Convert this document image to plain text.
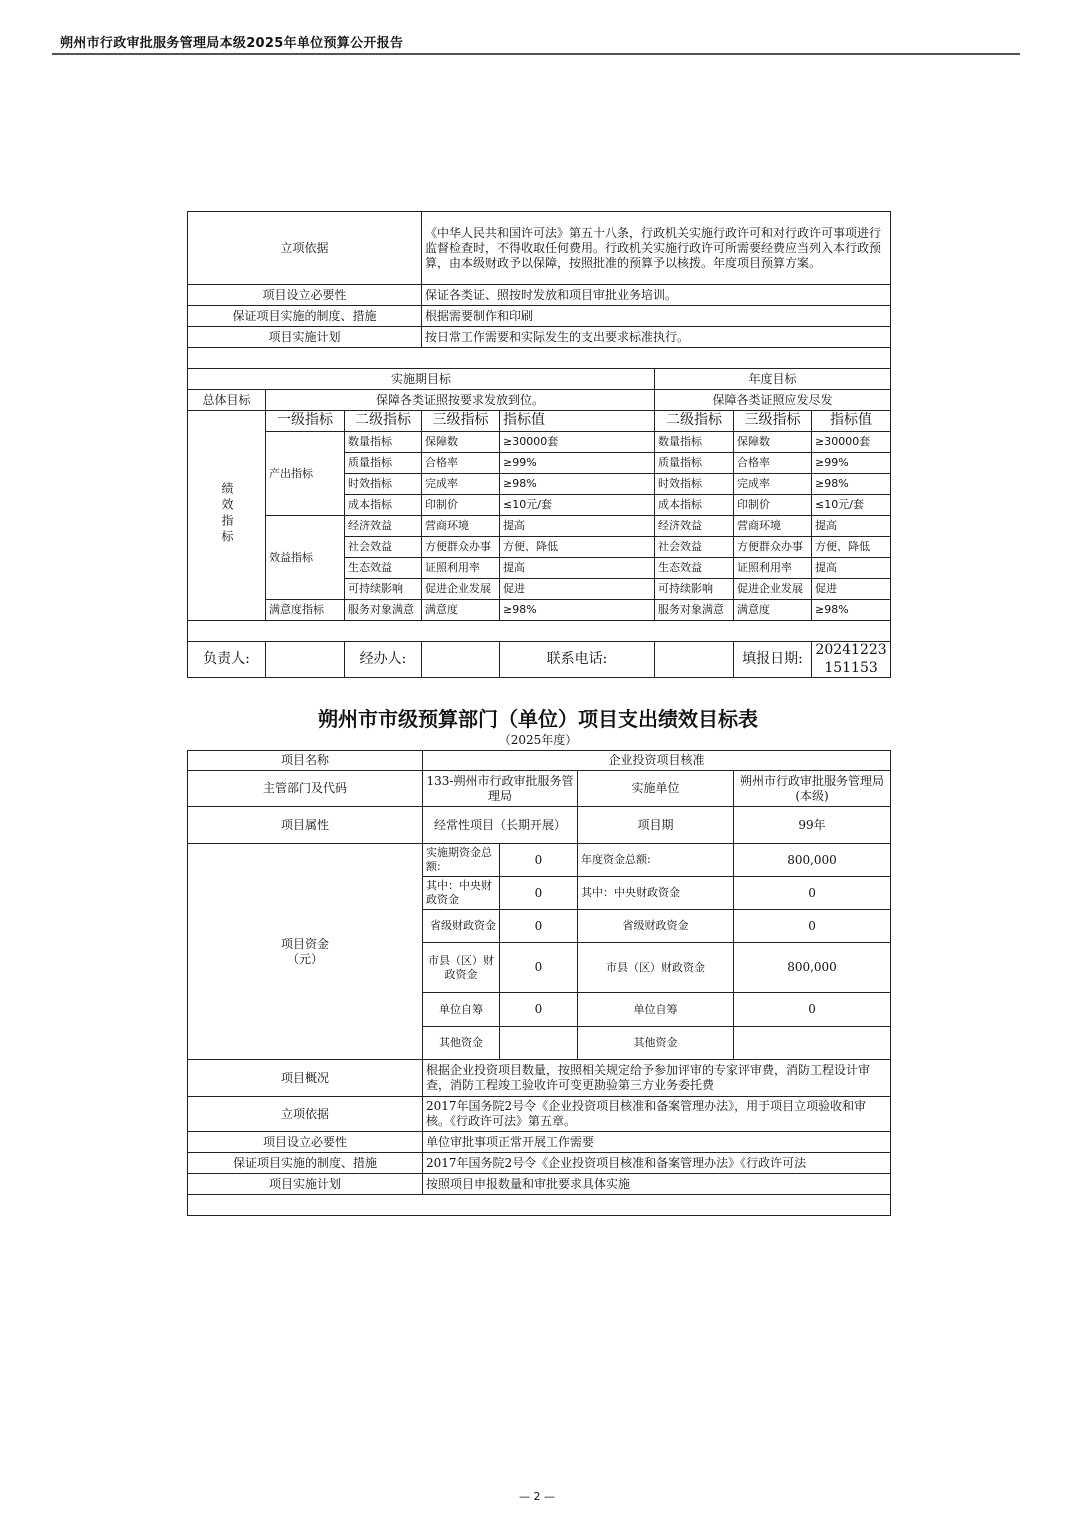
朔州市行政审批服务管理局本级2025年单位预算公开报告
立项依据			《中华人民共和国许可法》第五十八条，行政机关实施行政许可和对行政许可事项进行监督检查时，不得收取任何费用。行政机关实施行政许可所需要经费应当列入本行政预算，由本级财政予以保障，按照批准的预算予以核拨。年度项目预算方案。				
项目设立必要性			保证各类证、照按时发放和项目审批业务培训。				
保证项目实施的制度、措施			根据需要制作和印刷				
项目实施计划			按日常工作需要和实际发生的支出要求标准执行。				

实施期目标					年度目标		
总体目标	保障各类证照按要求发放到位。				保障各类证照应发尽发		
绩效指标	一级指标	二级指标	三级指标	指标值	二级指标	三级指标	指标值
	产出指标	数量指标	保障数	≥30000套	数量指标	保障数	≥30000套
		质量指标	合格率	≥99%	质量指标	合格率	≥99%
		时效指标	完成率	≥98%	时效指标	完成率	≥98%
		成本指标	印制价	≤10元/套	成本指标	印制价	≤10元/套
	效益指标	经济效益	营商环境	提高	经济效益	营商环境	提高
		社会效益	方便群众办事	方便、降低	社会效益	方便群众办事	方便、降低
		生态效益	证照利用率	提高	生态效益	证照利用率	提高
		可持续影响	促进企业发展	促进	可持续影响	促进企业发展	促进
	满意度指标	服务对象满意	满意度	≥98%	服务对象满意	满意度	≥98%

负责人:		经办人:		联系电话:		填报日期:	20241223151153
朔州市市级预算部门（单位）项目支出绩效目标表
（2025年度）
项目名称	企业投资项目核准			
主管部门及代码	133-朔州市行政审批服务管理局		实施单位	朔州市行政审批服务管理局(本级)
项目属性	经常性项目（长期开展）		项目期	99年

项目资金
（元）	实施期资金总额:	0	年度资金总额:	800,000
	其中：中央财政资金	0	其中：中央财政资金	0
	省级财政资金	0	省级财政资金	0
	市县（区）财政资金	0	市县（区）财政资金	800,000
	单位自筹	0	单位自筹	0
	其他资金		其他资金	
项目概况	根据企业投资项目数量，按照相关规定给予参加评审的专家评审费，消防工程设计审查，消防工程竣工验收许可变更勘验第三方业务委托费			
立项依据	2017年国务院2号令《企业投资项目核准和备案管理办法》，用于项目立项验收和审核。《行政许可法》第五章。			
项目设立必要性	单位审批事项正常开展工作需要			
保证项目实施的制度、措施	2017年国务院2号令《企业投资项目核准和备案管理办法》《行政许可法			
项目实施计划	按照项目申报数量和审批要求具体实施			

— 2 —
